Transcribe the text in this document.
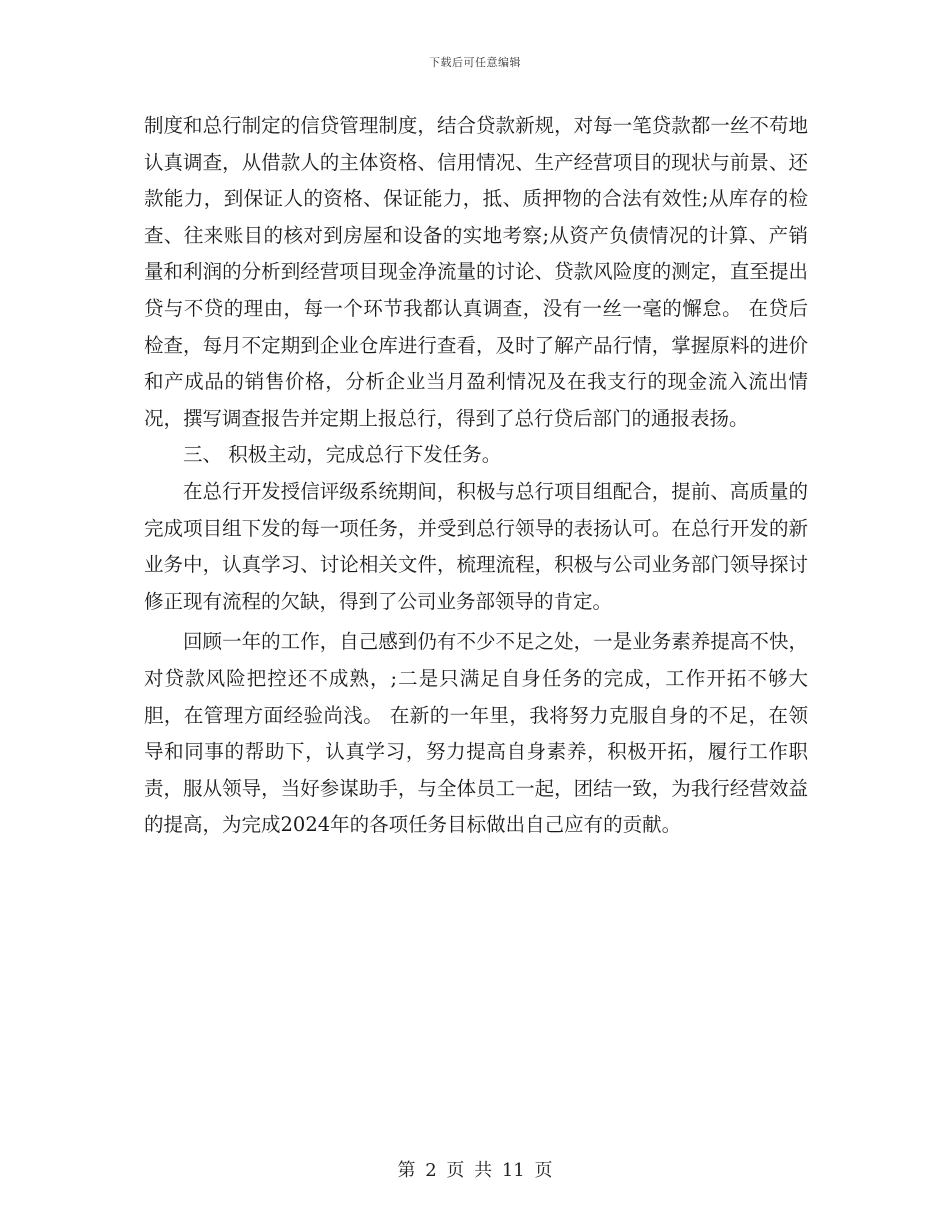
下载后可任意编辑

制度和总行制定的信贷管理制度，结合贷款新规，对每一笔贷款都一丝不苟地认真调查，从借款人的主体资格、信用情况、生产经营项目的现状与前景、还款能力，到保证人的资格、保证能力，抵、质押物的合法有效性;从库存的检查、往来账目的核对到房屋和设备的实地考察;从资产负债情况的计算、产销量和利润的分析到经营项目现金净流量的讨论、贷款风险度的测定，直至提出贷与不贷的理由，每一个环节我都认真调查，没有一丝一毫的懈怠。 在贷后检查，每月不定期到企业仓库进行查看，及时了解产品行情，掌握原料的进价和产成品的销售价格，分析企业当月盈利情况及在我支行的现金流入流出情况，撰写调查报告并定期上报总行，得到了总行贷后部门的通报表扬。

三、 积极主动，完成总行下发任务。

在总行开发授信评级系统期间，积极与总行项目组配合，提前、高质量的完成项目组下发的每一项任务，并受到总行领导的表扬认可。在总行开发的新业务中，认真学习、讨论相关文件，梳理流程，积极与公司业务部门领导探讨修正现有流程的欠缺，得到了公司业务部领导的肯定。

回顾一年的工作，自己感到仍有不少不足之处，一是业务素养提高不快，对贷款风险把控还不成熟，;二是只满足自身任务的完成，工作开拓不够大胆，在管理方面经验尚浅。 在新的一年里，我将努力克服自身的不足，在领导和同事的帮助下，认真学习，努力提高自身素养，积极开拓，履行工作职责，服从领导，当好参谋助手，与全体员工一起，团结一致，为我行经营效益的提高，为完成2024年的各项任务目标做出自己应有的贡献。

第 2 页 共 11 页
